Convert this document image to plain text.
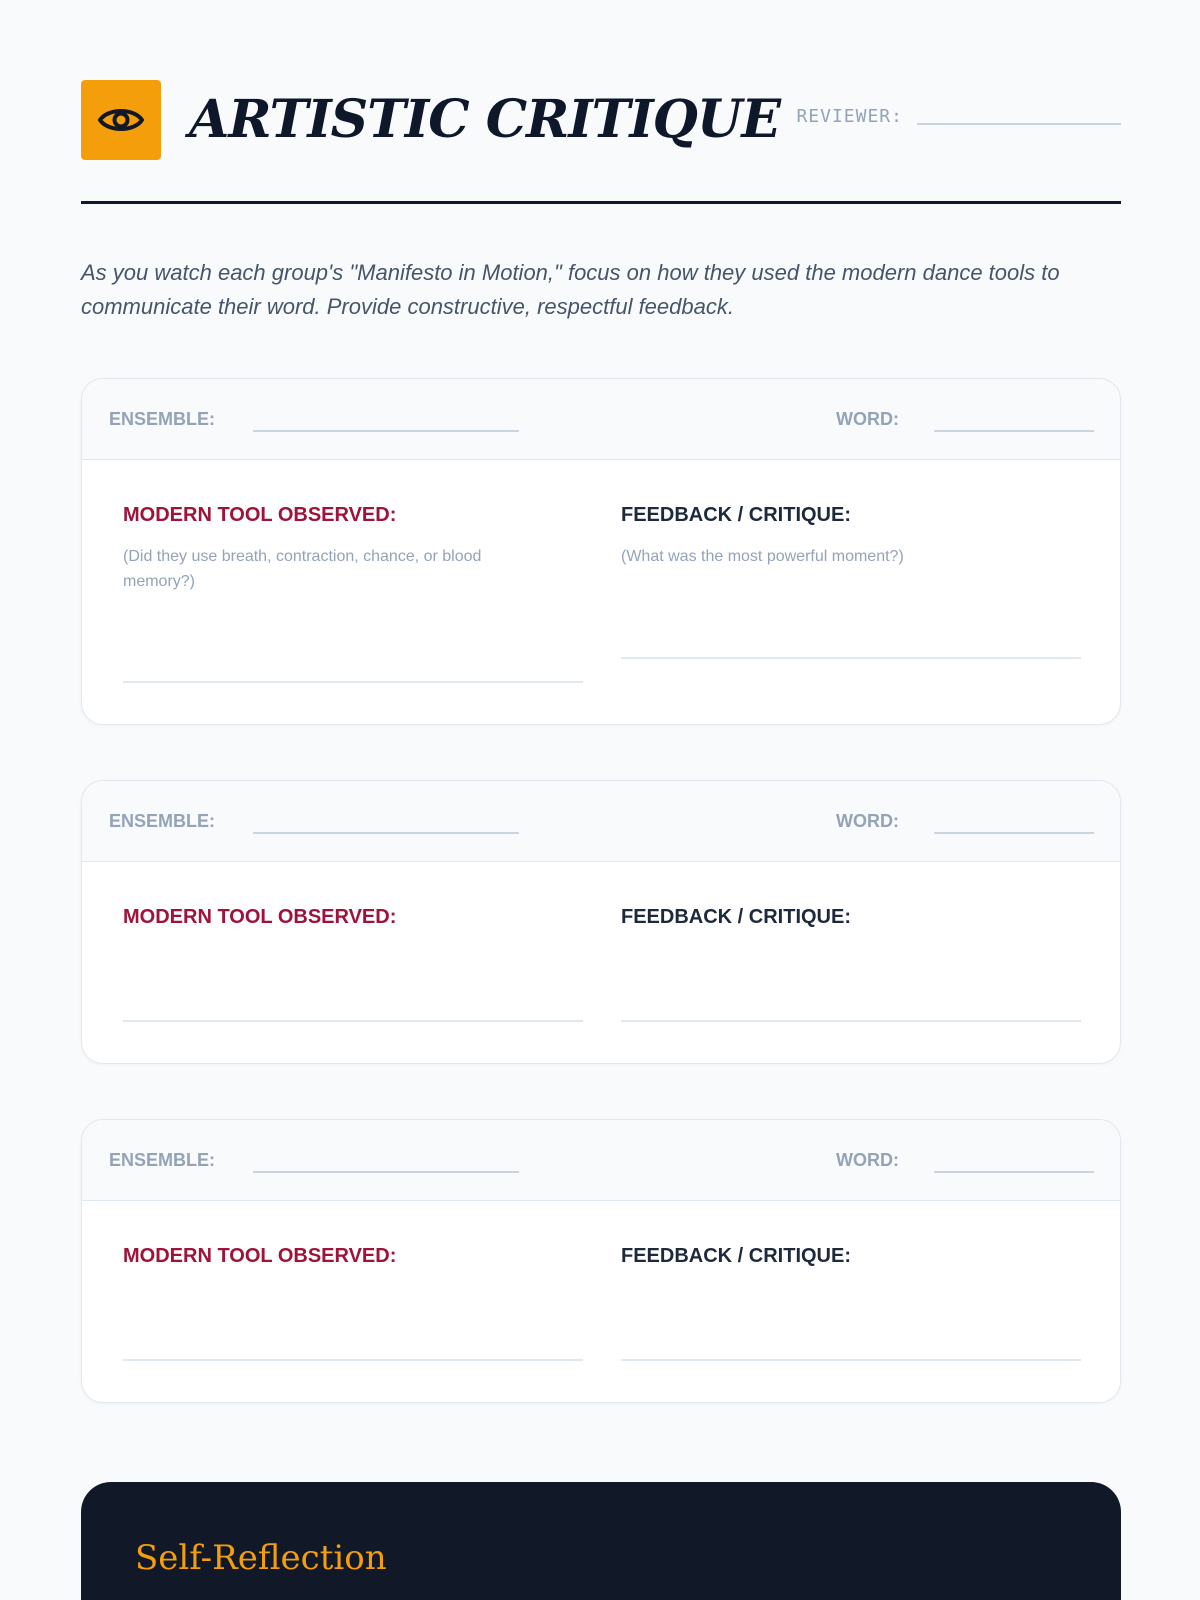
ARTISTIC CRITIQUE REVIEWER:

As you watch each group's "Manifesto in Motion," focus on how they used the modern dance tools to communicate their word. Provide constructive, respectful feedback.

ENSEMBLE:	WORD:
MODERN TOOL OBSERVED:
(Did they use breath, contraction, chance, or blood memory?)
FEEDBACK / CRITIQUE:
(What was the most powerful moment?)
ENSEMBLE:	WORD:
MODERN TOOL OBSERVED:	FEEDBACK / CRITIQUE:
ENSEMBLE:	WORD:
MODERN TOOL OBSERVED:	FEEDBACK / CRITIQUE:
Self-Reflection
